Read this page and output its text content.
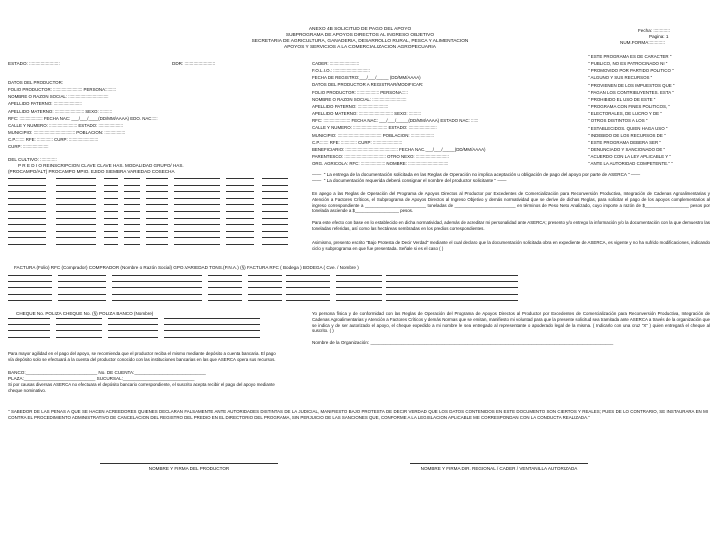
ANEXO 4B SOLICITUD DE PAGO DEL APOYO
SUBPROGRAMA DE APOYOS DIRECTOS AL INGRESO OBJETIVO
SECRETARIA DE AGRICULTURA, GANADERIA, DESARROLLO RURAL, PESCA Y ALIMENTACION
APOYOS Y SERVICIOS A LA COMERCIALIZACION AGROPECUARIA
Fecha: :::::::::::::
Pagina: 1
NUM.FORMA:::::::::::::
ESTADO: ::::::::::::::::::::::::	DDR: ::::::::::::::::::::::::
DATOS DEL PRODUCTOR:
FOLIO PRODUCTOR: :::::::::::::::::::::::: PERSONA:::::::::
NOMBRE O RAZON SOCIAL: :::::::::::::::::::::::::::::::::
APELLIDO PATERNO: :::::::::::::::::::::::
APELLIDO MATERNO: :::::::::::::::::::::::: SEXO: ::::::::::
RFC: ::::::::::::::::::: FECHA NAC: ___/___/____(DD/MM/AAAA) EDO. NAC:::::
CALLE Y NUMERO: ::::::::::::::::::::::: ESTADO: ::::::::::::::::::::
MUNICIPIO: :::::::::::::::::::::::::::::::::: POBLACION: :::::::::::::::::
C.P.::::::: RFE: ::::::::::::: CURP: ::::::::::::::::::::::::
CURP: :::::::::::::::::::::
CADER: ::::::::::::::::::::::::
F.O.L.I.O.: ::::::::::::::::::::::::::::::
FECHA DE REGISTRO:___/___/_____ (DD/MM/AAAA)
DATOS DEL PRODUCTOR A REGISTRAR/MODIFICAR:
FOLIO PRODUCTOR: :::::::::::::::::: PERSONA:::::
NOMBRE O RAZON SOCIAL: ::::::::::::::::::::::::::::
APELLIDO PATERNO: :::::::::::::::::::::::::
APELLIDO MATERNO: :::::::::::::::::::::::::::: SEXO: ::::::::::
RFC: :::::::::::::::::::::: FECHA NAC: ___/___/_____(DD/MM/AAAA) ESTADO NAC: ::::::
CALLE Y NUMERO: :::::::::::::::::::::::::::: ESTADO: :::::::::::::::::::::::
MUNICIPIO: :::::::::::::::::::::::::::::::::::: POBLACION: :::::::::::::::::::
C.P.::::::: RFE: ::::::::::::: CURP: ::::::::::::::::::::::::
BENEFICIARIO: ::::::::::::::::::::::::::::::::::::::::::: FECHA NAC.___/___/_____(DD/MM/AAAA)
PARENTESCO: :::::::::::::::::::::::::::::::::: OTRO NEXO: :::::::::::::::::::::::::::
ORG. AGRICOLA: RFC: :::::::::::::::::::: NOMBRE: :::::::::::::::::::::::::::::::::
" ESTE PROGRAMA ES DE CARACTER "
" PUBLICO, NO ES PATROCINADO NI "
" PROMOVIDO POR PARTIDO POLITICO "
" ALGUNO Y SUS RECURSOS "
" PROVIENEN DE LOS IMPUESTOS QUE "
" PAGAN LOS CONTRIBUYENTES. ESTA "
" PROHIBIDO EL USO DE ESTE "
" PROGRAMA CON FINES POLITICOS, "
" ELECTORALES, DE LUCRO Y DE "
" OTROS DISTINTOS A LOS "
" ESTABLECIDOS. QUIEN HAGA USO "
" INDEBIDO DE LOS RECURSOS DE "
" ESTE PROGRAMA DEBERA SER "
" DENUNCIADO Y SANCIONADO DE "
" ACUERDO CON LA LEY APLICABLE Y "
" ANTE LA AUTORIDAD COMPETENTE." "
DEL CULTIVO: :::::::::::::
P R E D I O REINSCRIPCION CLAVE CLAVE HAS. MODALIDAD GRUPO/ HAS.
(PROCAMPO/ALT) PROCAMPO MPIO. EJIDO SIEMBRA VARIEDAD COSECHA
——  " La entrega de la documentación solicitada en las Reglas de Operación no implica aceptación u obligación de pago del apoyo por parte de ASERCA " ——
——  " La documentación requerida deberá consignar el nombre del productor solicitante " ——
En apego a las Reglas de Operación del Programa de Apoyos Directos al Productor por Excedentes de Comercialización para Reconversión Productiva, Integración de Cadenas Agroalimentarias y Atención a Factores Críticos, el Subprograma de Apoyos Directos al Ingreso Objetivo y demás normatividad que se derive de dichas Reglas, para solicitar el pago de los apoyos complementarios al ingreso correspondiente a _________________________ toneladas de _________________________ en términos de Peso Neto Analizado, cuyo importe a razón de $__________________ pesos por tonelada asciende a $__________________ pesos.
Para este efecto con base en lo establecido en dicha normatividad, además de acreditar mi personalidad ante ASERCA; presento y/o entrego la información y/o la documentación con la que demuestro las toneladas referidas, así como las hectáreas sembradas en los predios correspondientes.
Asimismo, presento escrito "Bajo Protesta de Decir Verdad" mediante el cual declaro que la documentación solicitada obra en expediente de ASERCA, es vigente y no ha sufrido modificaciones, indicando ciclo y subprograma en que fue presentada. Señale si es el caso ( )
FACTURA (Folio) RFC (Comprador) COMPRADOR (Nombre o Razón Social) GPO.VARIEDAD TONS.(P.N.A.) (§) FACTURA RFC ( Bodega ) BODEGA ( Cve. / Nombre )
CHEQUE No. POLIZA CHEQUE No. (§) POLIZA BANCO (Nombre)	Yo persona física y de conformidad con las Reglas de Operación del Programa de Apoyos Directos al Productor por Excedentes de Comercialización para Reconversión Productiva, Integración de Cadenas Agroalimentarias y Atención a Factores Críticos y demás Normas que se emitan, manifiesto mi voluntad para que la presente solicitud sea tramitada ante ASERCA a través de la organización que se indica y de ser autorizado el apoyo, el cheque expedido a mi nombre le sea entregado al representante o apoderado legal de la misma. ( Indicarlo con una cruz "X" ) quien entregará el cheque al suscrito. ( )
Nombre de la Organización: _______________________________________________________________________________________________
Para mayor agilidad en el pago del apoyo, se recomienda que el productor reciba el mismo mediante depósito a cuenta bancaria. El pago vía depósito solo se efectuará a la cuenta del productor conocido con las instituciones bancarias en las que ASERCA opera sus recursos.
BANCO:____________________________ No. DE CUENTA:____________________________
PLAZA:____________________________ SUCURSAL:____________________________
Si por causas diversas ASERCA no efectuara el depósito bancario correspondiente, el suscrito acepta recibir el pago del apoyo mediante cheque nominativo.
" SABEDOR DE LAS PENAS A QUE SE HACEN ACREEDORES QUIENES DECLARAN FALSAMENTE ANTE AUTORIDADES DISTINTAS DE LA JUDICIAL, MANIFIESTO BAJO PROTESTA DE DECIR VERDAD QUE LOS DATOS CONTENIDOS EN ESTE DOCUMENTO SON CIERTOS Y REALES; PUES DE LO CONTRARIO, SE INSTAURARA EN MI CONTRA EL PROCEDIMIENTO ADMINISTRATIVO DE CANCELACION DEL REGISTRO DEL PREDIO EN EL DIRECTORIO DEL PROGRAMA, SIN PERJUICIO DE LAS SANCIONES QUE, CONFORME A LA LEGISLACION APLICABLE ME CORRESPONDAN CON LA CONDUCTA REALIZADA."
NOMBRE Y FIRMA DEL PRODUCTOR	NOMBRE Y FIRMA DIR. REGIONAL / CADER / VENTANILLA AUTORIZADA
